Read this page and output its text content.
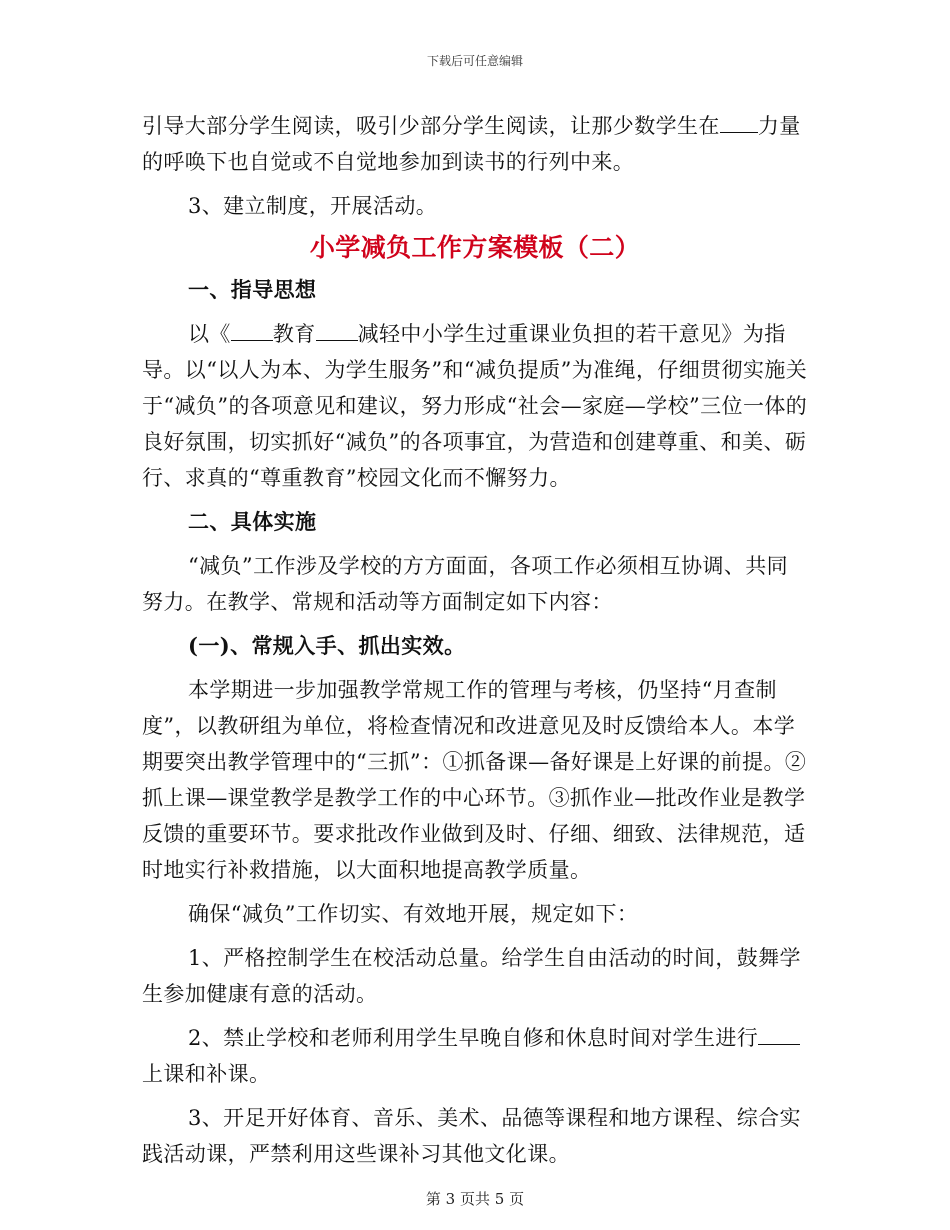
下载后可任意编辑

引导大部分学生阅读，吸引少部分学生阅读，让那少数学生在 力量的呼唤下也自觉或不自觉地参加到读书的行列中来。

3、建立制度，开展活动。

小学减负工作方案模板（二）

一、指导思想

以《 教育 减轻中小学生过重课业负担的若干意见》为指导。以“以人为本、为学生服务”和“减负提质”为准绳，仔细贯彻实施关于“减负”的各项意见和建议，努力形成“社会—家庭—学校”三位一体的良好氛围，切实抓好“减负”的各项事宜，为营造和创建尊重、和美、砺行、求真的“尊重教育”校园文化而不懈努力。

二、具体实施

“减负”工作涉及学校的方方面面，各项工作必须相互协调、共同努力。在教学、常规和活动等方面制定如下内容：

(一)、常规入手、抓出实效。

本学期进一步加强教学常规工作的管理与考核，仍坚持“月查制度”，以教研组为单位，将检查情况和改进意见及时反馈给本人。本学期要突出教学管理中的“三抓”：①抓备课—备好课是上好课的前提。②抓上课—课堂教学是教学工作的中心环节。③抓作业—批改作业是教学反馈的重要环节。要求批改作业做到及时、仔细、细致、法律规范，适时地实行补救措施，以大面积地提高教学质量。

确保“减负”工作切实、有效地开展，规定如下：

1、严格控制学生在校活动总量。给学生自由活动的时间，鼓舞学生参加健康有意的活动。

2、禁止学校和老师利用学生早晚自修和休息时间对学生进行上课和补课。

3、开足开好体育、音乐、美术、品德等课程和地方课程、综合实践活动课，严禁利用这些课补习其他文化课。

第 3 页共 5 页
